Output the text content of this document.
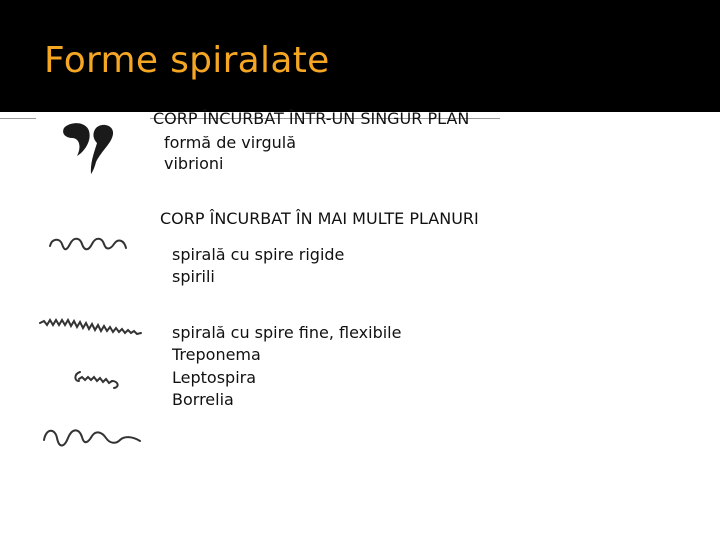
Forme spiralate
CORP ÎNCURBAT ÎNTR-UN SINGUR PLAN
formă de virgulă
vibrioni
CORP ÎNCURBAT ÎN MAI MULTE PLANURI
spirală cu spire rigide
spirili
spirală cu spire fine, flexibile
Treponema
Leptospira
Borrelia
